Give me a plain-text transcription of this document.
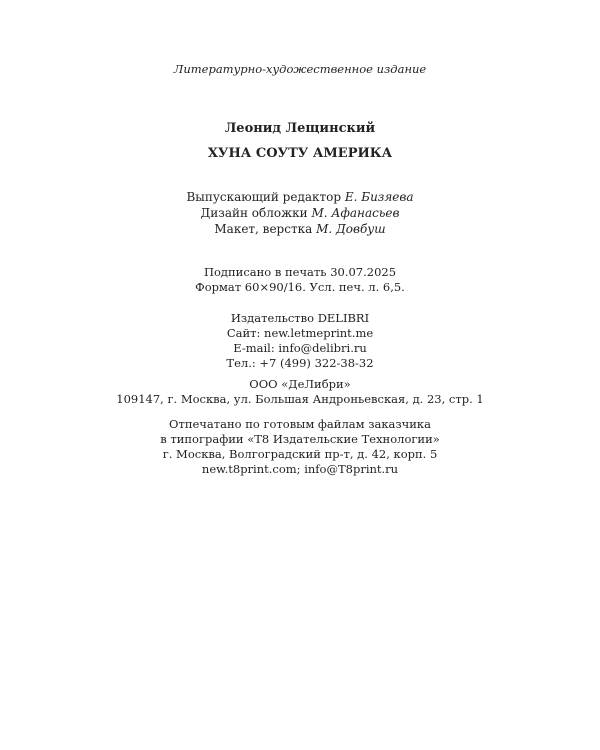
Литературно-художественное издание
Леонид Лещинский
ХУНА СОУТУ АМЕРИКА
Выпускающий редактор Е. Бизяева
Дизайн обложки М. Афанасьев
Макет, верстка М. Довбуш
Подписано в печать 30.07.2025
Формат 60×90/16. Усл. печ. л. 6,5.
Издательство DELIBRI
Сайт: new.letmeprint.me
E-mail: info@delibri.ru
Тел.: +7 (499) 322-38-32
ООО «ДеЛибри»
109147, г. Москва, ул. Большая Андроньевская, д. 23, стр. 1
Отпечатано по готовым файлам заказчика
в типографии «T8 Издательские Технологии»
г. Москва, Волгоградский пр-т, д. 42, корп. 5
new.t8print.com; info@T8print.ru
